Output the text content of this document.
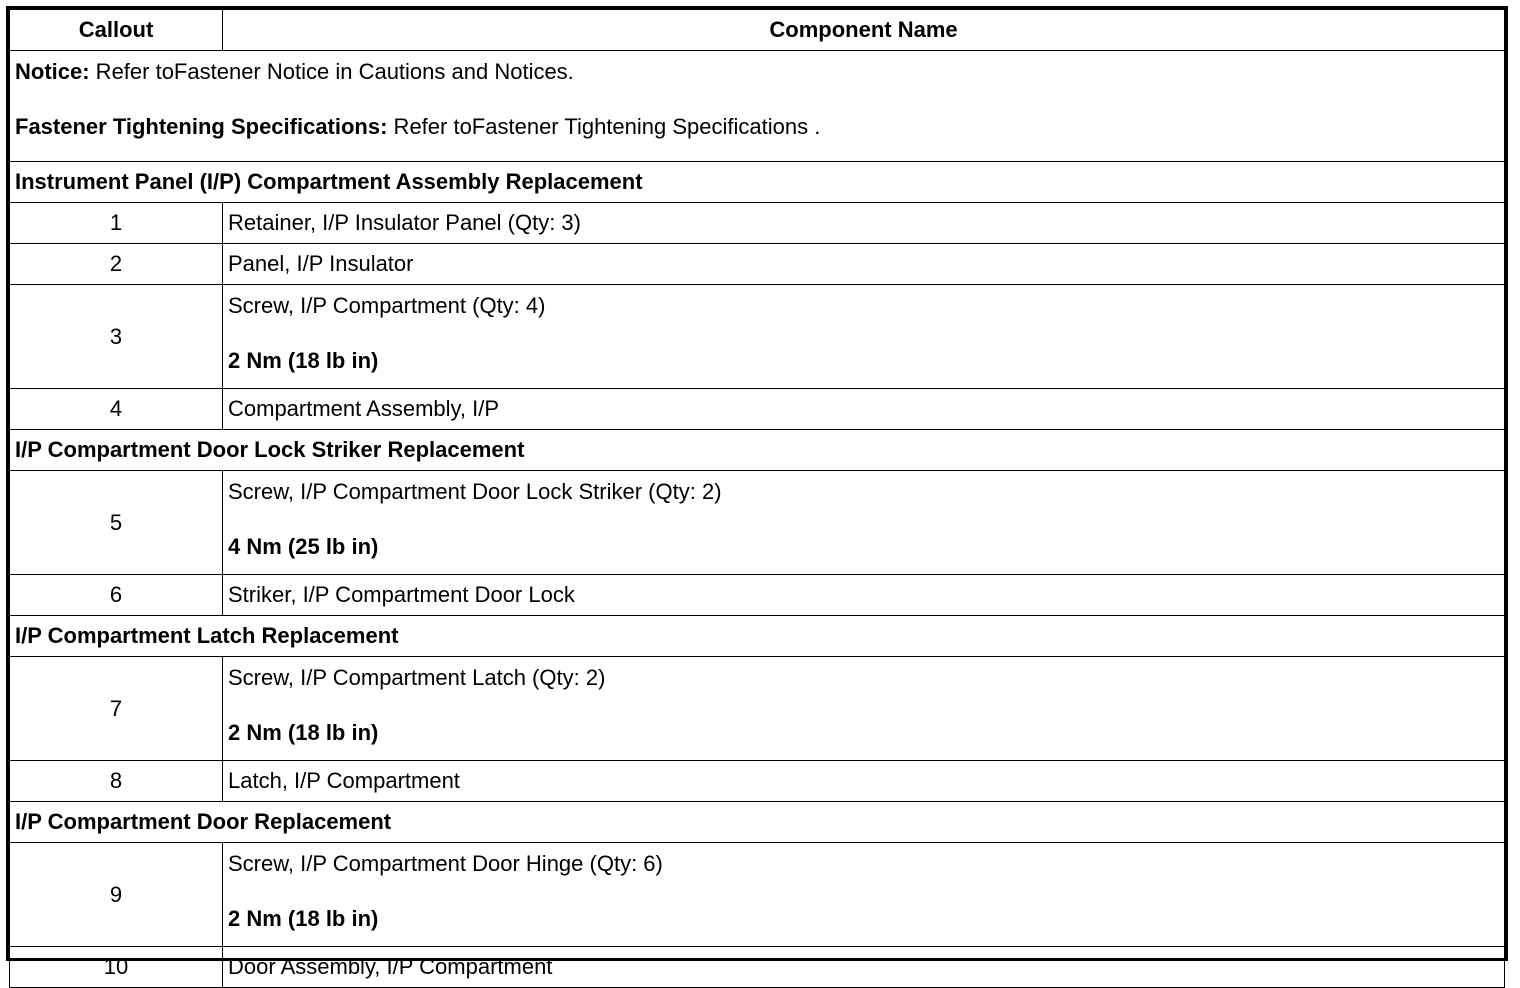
Callout	Component Name

Notice: Refer toFastener Notice in Cautions and Notices.

Fastener Tightening Specifications: Refer toFastener Tightening Specifications .	

Instrument Panel (I/P) Compartment Assembly Replacement	
1	Retainer, I/P Insulator Panel (Qty: 3)
2	Panel, I/P Insulator
3	Screw, I/P Compartment (Qty: 4)
2 Nm (18 lb in)

4	Compartment Assembly, I/P
I/P Compartment Door Lock Striker Replacement	
5	Screw, I/P Compartment Door Lock Striker (Qty: 2)
4 Nm (25 lb in)

6	Striker, I/P Compartment Door Lock
I/P Compartment Latch Replacement	
7	Screw, I/P Compartment Latch (Qty: 2)
2 Nm (18 lb in)

8	Latch, I/P Compartment
I/P Compartment Door Replacement	
9	Screw, I/P Compartment Door Hinge (Qty: 6)
2 Nm (18 lb in)

10	Door Assembly, I/P Compartment
